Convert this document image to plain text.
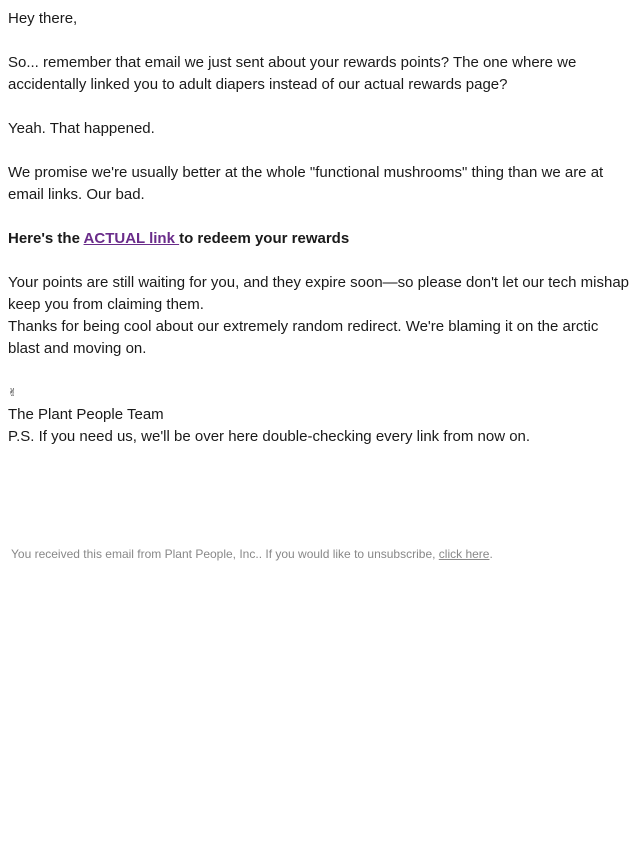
Hey there,

So... remember that email we just sent about your rewards points? The one where we accidentally linked you to adult diapers instead of our actual rewards page?

Yeah. That happened.

We promise we're usually better at the whole "functional mushrooms" thing than we are at email links. Our bad.

Here's the ACTUAL link to redeem your rewards

Your points are still waiting for you, and they expire soon—so please don't let our tech mishap keep you from claiming them.

Thanks for being cool about our extremely random redirect. We're blaming it on the arctic blast and moving on.

✌

The Plant People Team

P.S. If you need us, we'll be over here double-checking every link from now on.

You received this email from Plant People, Inc.. If you would like to unsubscribe, click here.
